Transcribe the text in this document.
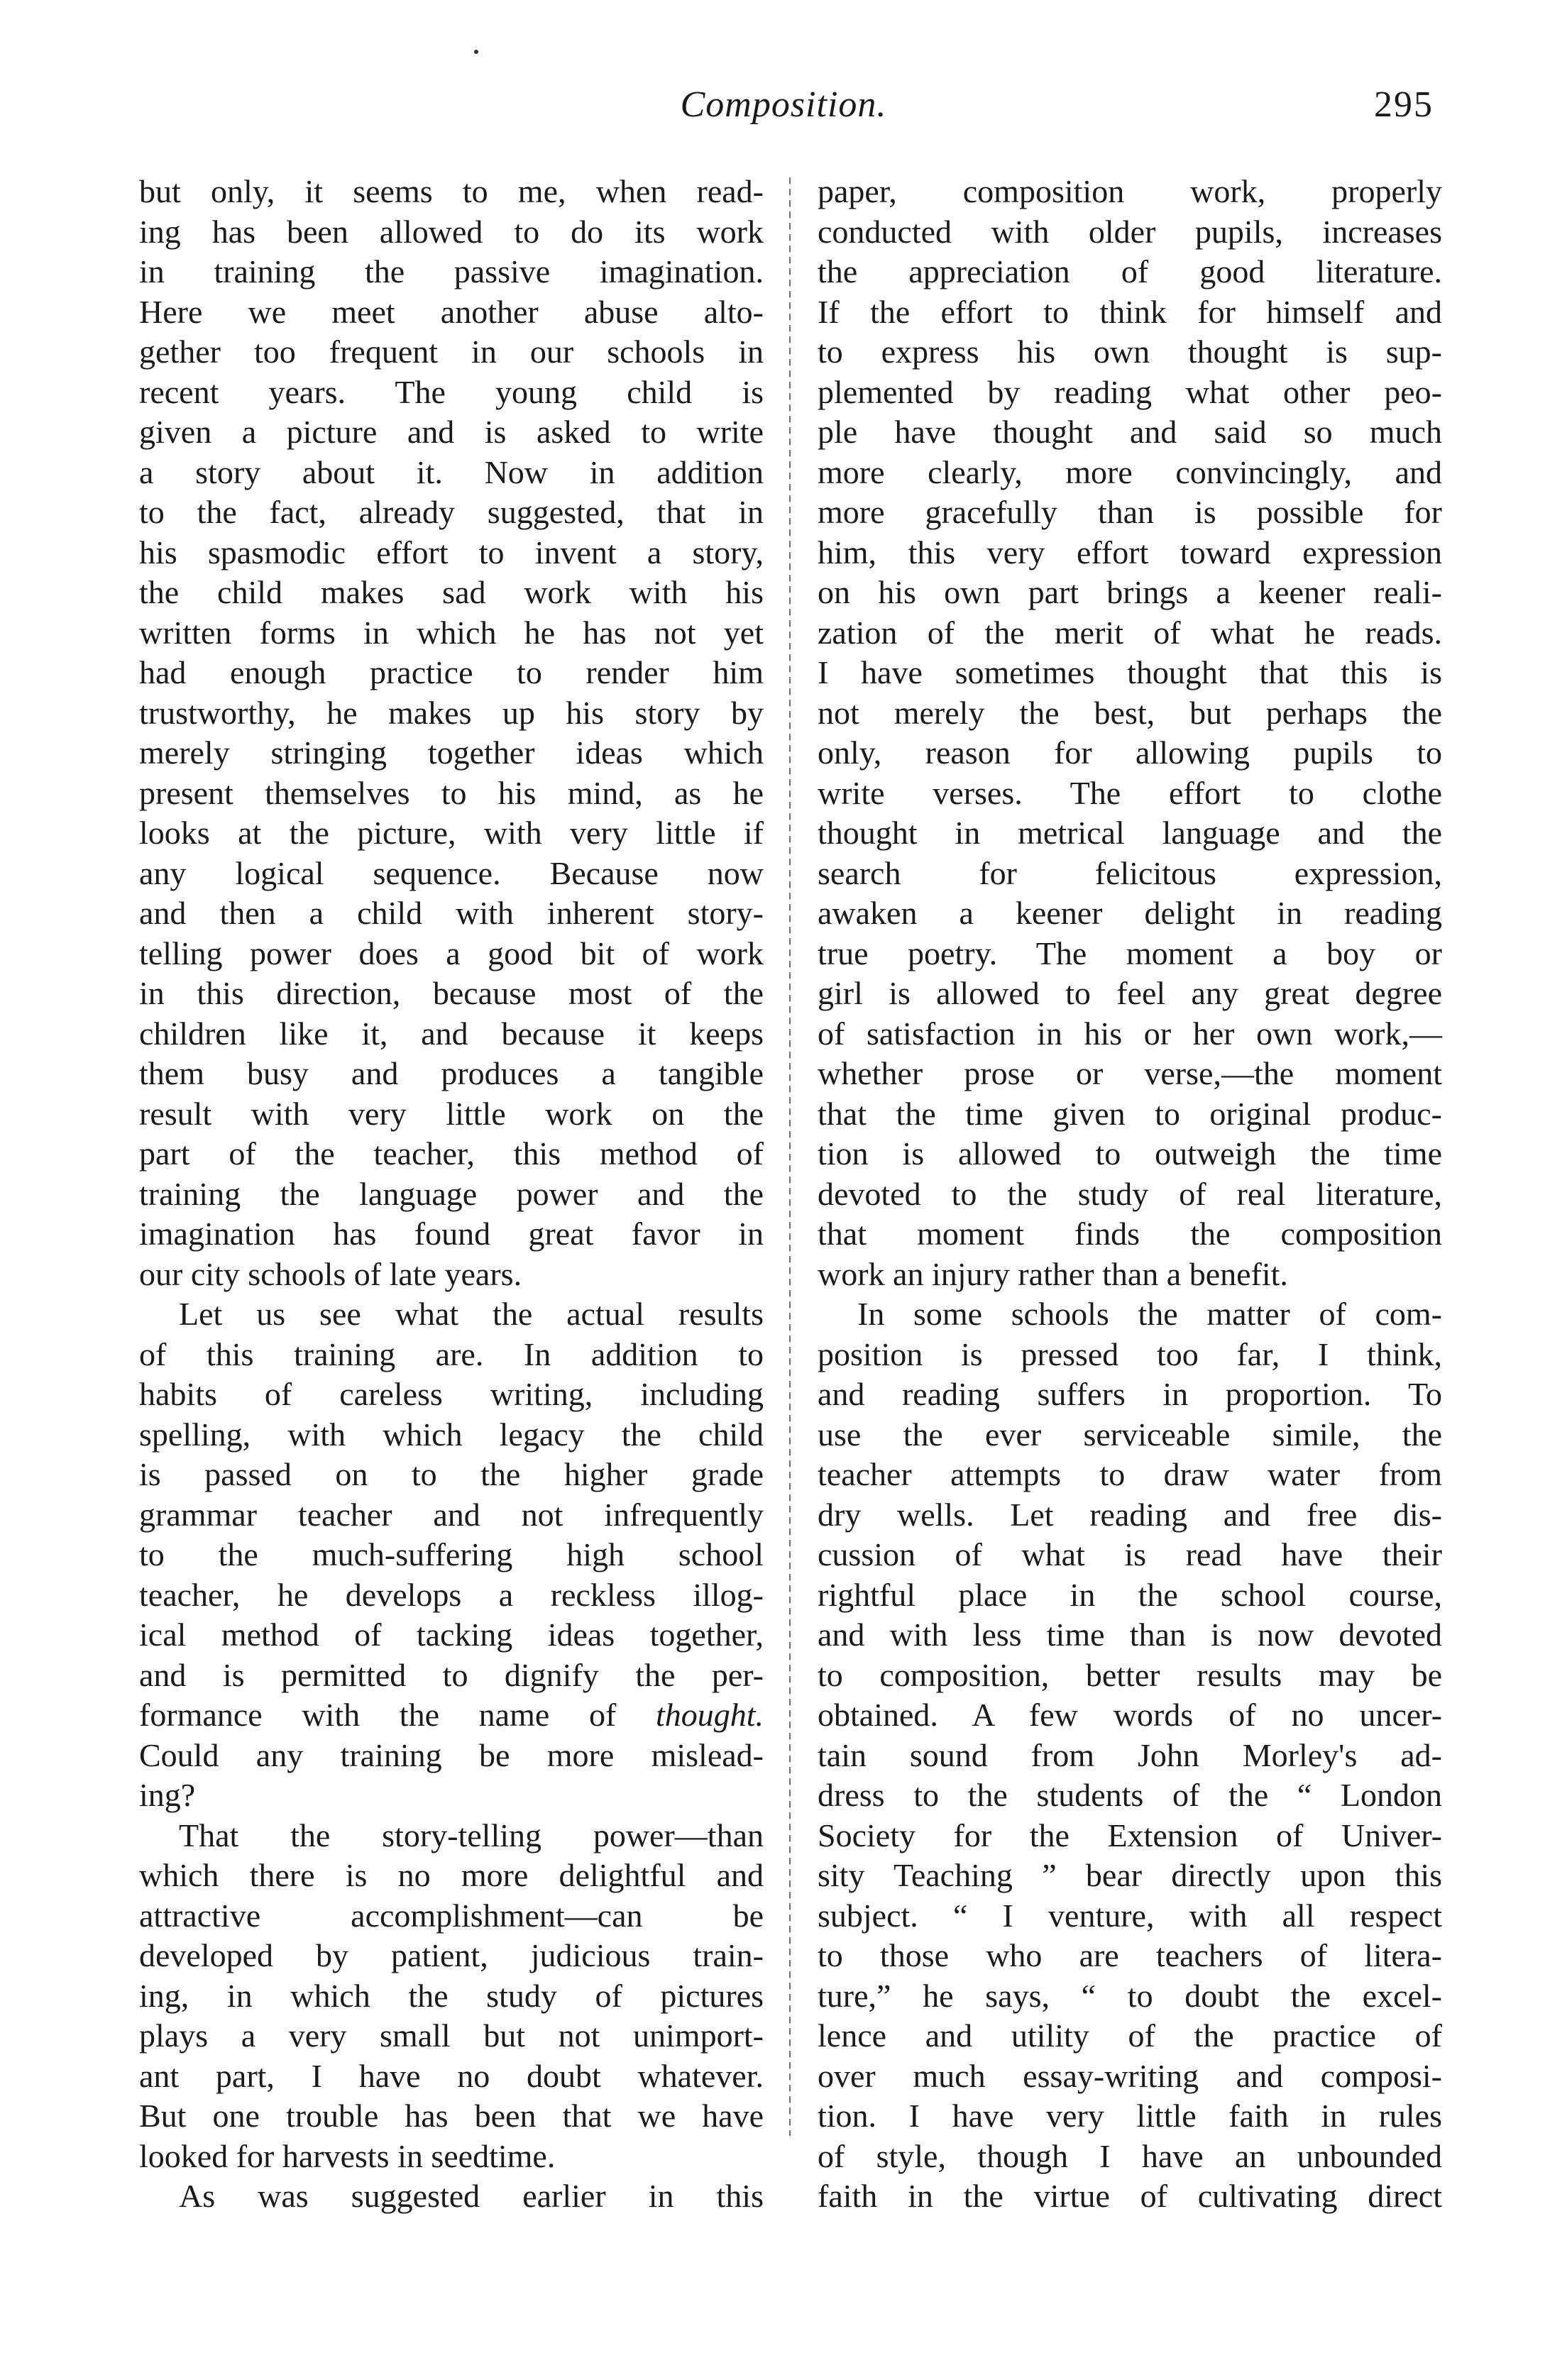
Composition.	295
but only, it seems to me, when read-
ing has been allowed to do its work
in training the passive imagination.
Here we meet another abuse alto-
gether too frequent in our schools in
recent years. The young child is
given a picture and is asked to write
a story about it. Now in addition
to the fact, already suggested, that in
his spasmodic effort to invent a story,
the child makes sad work with his
written forms in which he has not yet
had enough practice to render him
trustworthy, he makes up his story by
merely stringing together ideas which
present themselves to his mind, as he
looks at the picture, with very little if
any logical sequence. Because now
and then a child with inherent story-
telling power does a good bit of work
in this direction, because most of the
children like it, and because it keeps
them busy and produces a tangible
result with very little work on the
part of the teacher, this method of
training the language power and the
imagination has found great favor in
our city schools of late years.
Let us see what the actual results
of this training are. In addition to
habits of careless writing, including
spelling, with which legacy the child
is passed on to the higher grade
grammar teacher and not infrequently
to the much-suffering high school
teacher, he develops a reckless illog-
ical method of tacking ideas together,
and is permitted to dignify the per-
formance with the name of thought.
Could any training be more mislead-
ing?
That the story-telling power—than
which there is no more delightful and
attractive accomplishment—can be
developed by patient, judicious train-
ing, in which the study of pictures
plays a very small but not unimport-
ant part, I have no doubt whatever.
But one trouble has been that we have
looked for harvests in seedtime.
As was suggested earlier in this
paper, composition work, properly
conducted with older pupils, increases
the appreciation of good literature.
If the effort to think for himself and
to express his own thought is sup-
plemented by reading what other peo-
ple have thought and said so much
more clearly, more convincingly, and
more gracefully than is possible for
him, this very effort toward expression
on his own part brings a keener reali-
zation of the merit of what he reads.
I have sometimes thought that this is
not merely the best, but perhaps the
only, reason for allowing pupils to
write verses. The effort to clothe
thought in metrical language and the
search for felicitous expression,
awaken a keener delight in reading
true poetry. The moment a boy or
girl is allowed to feel any great degree
of satisfaction in his or her own work,—
whether prose or verse,—the moment
that the time given to original produc-
tion is allowed to outweigh the time
devoted to the study of real literature,
that moment finds the composition
work an injury rather than a benefit.
In some schools the matter of com-
position is pressed too far, I think,
and reading suffers in proportion. To
use the ever serviceable simile, the
teacher attempts to draw water from
dry wells. Let reading and free dis-
cussion of what is read have their
rightful place in the school course,
and with less time than is now devoted
to composition, better results may be
obtained. A few words of no uncer-
tain sound from John Morley's ad-
dress to the students of the “ London
Society for the Extension of Univer-
sity Teaching ” bear directly upon this
subject. “ I venture, with all respect
to those who are teachers of litera-
ture,” he says, “ to doubt the excel-
lence and utility of the practice of
over much essay-writing and composi-
tion. I have very little faith in rules
of style, though I have an unbounded
faith in the virtue of cultivating direct
